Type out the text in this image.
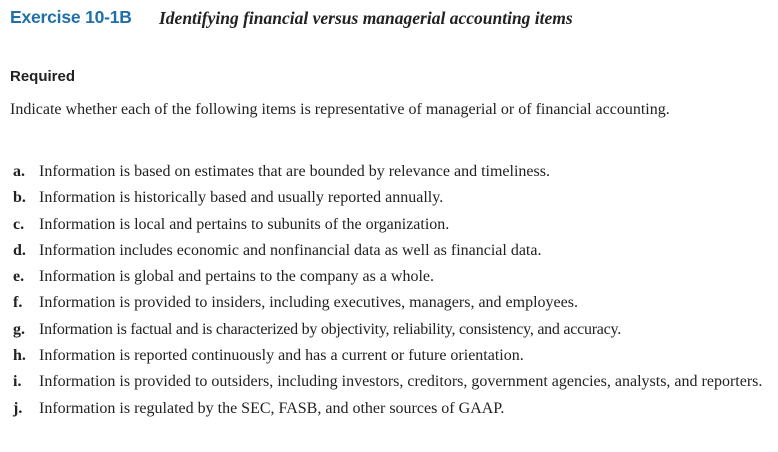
Exercise 10-1B Identifying financial versus managerial accounting items
Required
Indicate whether each of the following items is representative of managerial or of financial accounting.
a. Information is based on estimates that are bounded by relevance and timeliness.
b. Information is historically based and usually reported annually.
c. Information is local and pertains to subunits of the organization.
d. Information includes economic and nonfinancial data as well as financial data.
e. Information is global and pertains to the company as a whole.
f. Information is provided to insiders, including executives, managers, and employees.
g. Information is factual and is characterized by objectivity, reliability, consistency, and accuracy.
h. Information is reported continuously and has a current or future orientation.
i. Information is provided to outsiders, including investors, creditors, government agencies, analysts, and reporters.
j. Information is regulated by the SEC, FASB, and other sources of GAAP.
